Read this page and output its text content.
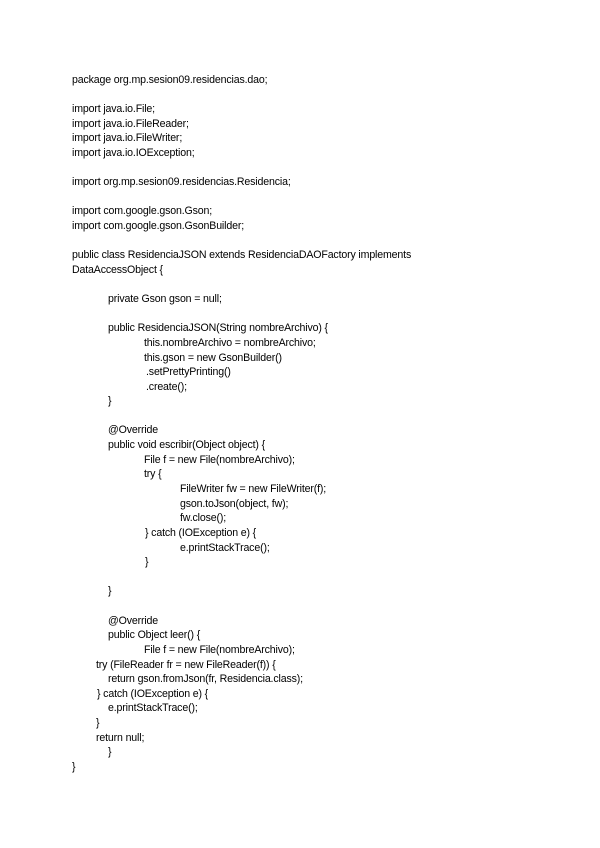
package org.mp.sesion09.residencias.dao;
import java.io.File;
import java.io.FileReader;
import java.io.FileWriter;
import java.io.IOException;
import org.mp.sesion09.residencias.Residencia;
import com.google.gson.Gson;
import com.google.gson.GsonBuilder;
public class ResidenciaJSON extends ResidenciaDAOFactory implements
DataAccessObject {
private Gson gson = null;
public ResidenciaJSON(String nombreArchivo) {
this.nombreArchivo = nombreArchivo;
this.gson = new GsonBuilder()
.setPrettyPrinting()
.create();
}
@Override
public void escribir(Object object) {
File f = new File(nombreArchivo);
try {
FileWriter fw = new FileWriter(f);
gson.toJson(object, fw);
fw.close();
} catch (IOException e) {
e.printStackTrace();
}
}
@Override
public Object leer() {
File f = new File(nombreArchivo);
try (FileReader fr = new FileReader(f)) {
return gson.fromJson(fr, Residencia.class);
} catch (IOException e) {
e.printStackTrace();
}
return null;
}
}
